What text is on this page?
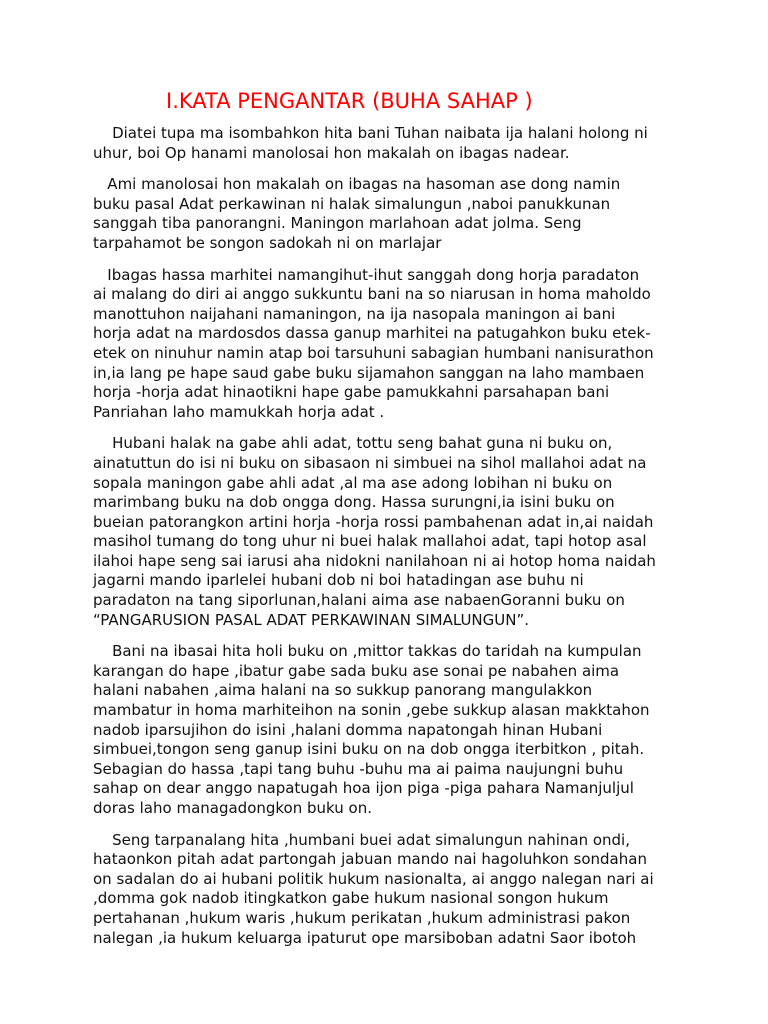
I.KATA PENGANTAR (BUHA SAHAP )

Diatei tupa ma isombahkon hita bani Tuhan naibata ija halani holong ni
uhur, boi Op hanami manolosai hon makalah on ibagas nadear.

Ami manolosai hon makalah on ibagas na hasoman ase dong namin
buku pasal Adat perkawinan ni halak simalungun ,naboi panukkunan
sanggah tiba panorangni. Maningon marlahoan adat jolma. Seng
tarpahamot be songon sadokah ni on marlajar

Ibagas hassa marhitei namangihut-ihut sanggah dong horja paradaton
ai malang do diri ai anggo sukkuntu bani na so niarusan in homa maholdo
manottuhon naijahani namaningon, na ija nasopala maningon ai bani
horja adat na mardosdos dassa ganup marhitei na patugahkon buku etek-
etek on ninuhur namin atap boi tarsuhuni sabagian humbani nanisurathon
in,ia lang pe hape saud gabe buku sijamahon sanggan na laho mambaen
horja -horja adat hinaotikni hape gabe pamukkahni parsahapan bani
Panriahan laho mamukkah horja adat .

Hubani halak na gabe ahli adat, tottu seng bahat guna ni buku on,
ainatuttun do isi ni buku on sibasaon ni simbuei na sihol mallahoi adat na
sopala maningon gabe ahli adat ,al ma ase adong lobihan ni buku on
marimbang buku na dob ongga dong. Hassa surungni,ia isini buku on
bueian patorangkon artini horja -horja rossi pambahenan adat in,ai naidah
masihol tumang do tong uhur ni buei halak mallahoi adat, tapi hotop asal
ilahoi hape seng sai iarusi aha nidokni nanilahoan ni ai hotop homa naidah
jagarni mando iparlelei hubani dob ni boi hatadingan ase buhu ni
paradaton na tang siporlunan,halani aima ase nabaenGoranni buku on
“PANGARUSION PASAL ADAT PERKAWINAN SIMALUNGUN”.

Bani na ibasai hita holi buku on ,mittor takkas do taridah na kumpulan
karangan do hape ,ibatur gabe sada buku ase sonai pe nabahen aima
halani nabahen ,aima halani na so sukkup panorang mangulakkon
mambatur in homa marhiteihon na sonin ,gebe sukkup alasan makktahon
nadob iparsujihon do isini ,halani domma napatongah hinan Hubani
simbuei,tongon seng ganup isini buku on na dob ongga iterbitkon , pitah.
Sebagian do hassa ,tapi tang buhu -buhu ma ai paima naujungni buhu
sahap on dear anggo napatugah hoa ijon piga -piga pahara Namanjuljul
doras laho managadongkon buku on.

Seng tarpanalang hita ,humbani buei adat simalungun nahinan ondi,
hataonkon pitah adat partongah jabuan mando nai hagoluhkon sondahan
on sadalan do ai hubani politik hukum nasionalta, ai anggo nalegan nari ai
,domma gok nadob itingkatkon gabe hukum nasional songon hukum
pertahanan ,hukum waris ,hukum perikatan ,hukum administrasi pakon
nalegan ,ia hukum keluarga ipaturut ope marsiboban adatni Saor ibotoh
